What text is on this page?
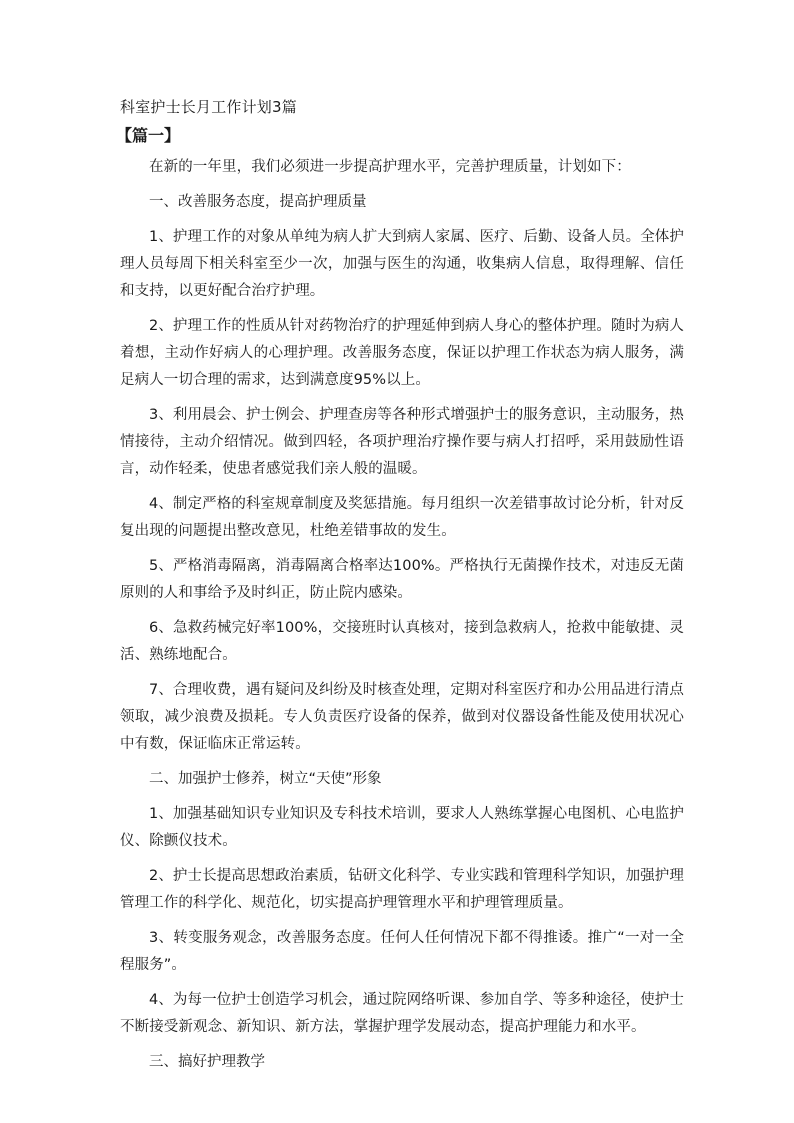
科室护士长月工作计划3篇
【篇一】

在新的一年里，我们必须进一步提高护理水平，完善护理质量，计划如下：

一、改善服务态度，提高护理质量

1、护理工作的对象从单纯为病人扩大到病人家属、医疗、后勤、设备人员。全体护理人员每周下相关科室至少一次，加强与医生的沟通，收集病人信息，取得理解、信任和支持，以更好配合治疗护理。

2、护理工作的性质从针对药物治疗的护理延伸到病人身心的整体护理。随时为病人着想，主动作好病人的心理护理。改善服务态度，保证以护理工作状态为病人服务，满足病人一切合理的需求，达到满意度95%以上。

3、利用晨会、护士例会、护理查房等各种形式增强护士的服务意识，主动服务，热情接待，主动介绍情况。做到四轻，各项护理治疗操作要与病人打招呼，采用鼓励性语言，动作轻柔，使患者感觉我们亲人般的温暖。

4、制定严格的科室规章制度及奖惩措施。每月组织一次差错事故讨论分析，针对反复出现的问题提出整改意见，杜绝差错事故的发生。

5、严格消毒隔离，消毒隔离合格率达100%。严格执行无菌操作技术，对违反无菌原则的人和事给予及时纠正，防止院内感染。

6、急救药械完好率100%，交接班时认真核对，接到急救病人，抢救中能敏捷、灵活、熟练地配合。

7、合理收费，遇有疑问及纠纷及时核查处理，定期对科室医疗和办公用品进行清点领取，减少浪费及损耗。专人负责医疗设备的保养，做到对仪器设备性能及使用状况心中有数，保证临床正常运转。

二、加强护士修养，树立“天使”形象

1、加强基础知识专业知识及专科技术培训，要求人人熟练掌握心电图机、心电监护仪、除颤仪技术。

2、护士长提高思想政治素质，钻研文化科学、专业实践和管理科学知识，加强护理管理工作的科学化、规范化，切实提高护理管理水平和护理管理质量。

3、转变服务观念，改善服务态度。任何人任何情况下都不得推诿。推广“一对一全程服务”。

4、为每一位护士创造学习机会，通过院网络听课、参加自学、等多种途径，使护士不断接受新观念、新知识、新方法，掌握护理学发展动态，提高护理能力和水平。

三、搞好护理教学
